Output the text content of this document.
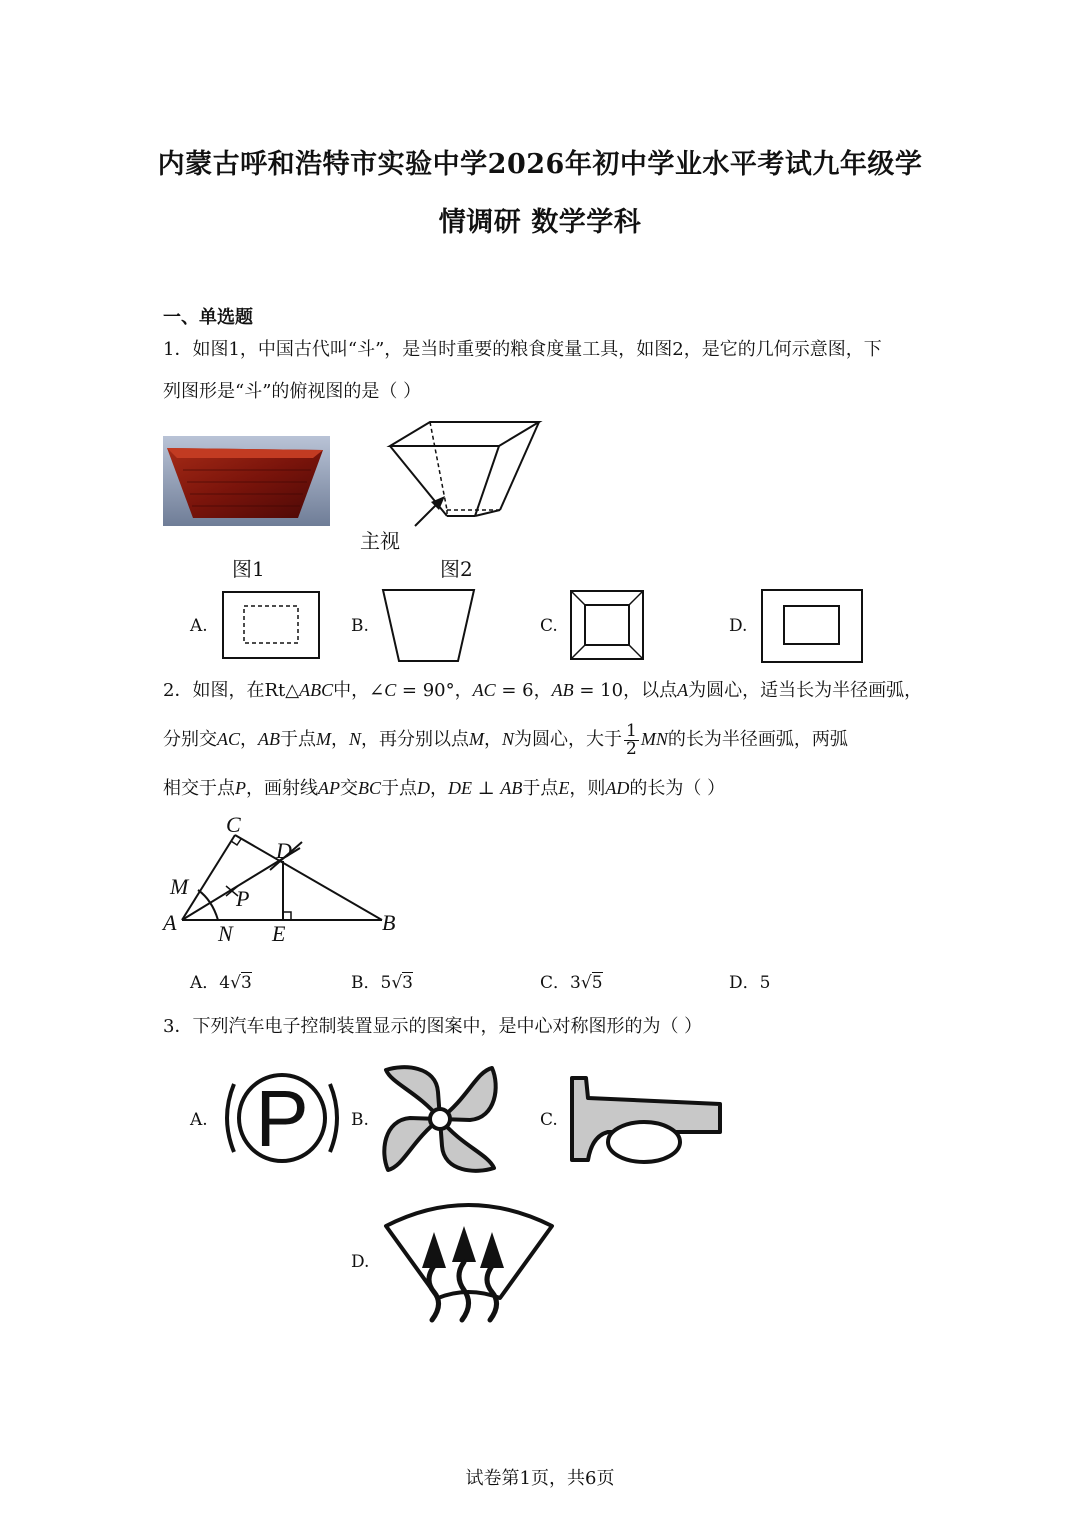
内蒙古呼和浩特市实验中学2026年初中学业水平考试九年级学
情调研 数学学科
一、单选题
1．如图1，中国古代叫“斗”，是当时重要的粮食度量工具，如图2，是它的几何示意图，下
列图形是“斗”的俯视图的是（ ）
主视
图1	图2
A.	B.	C.	D.
2．如图，在Rt△ABC中，∠C = 90°，AC = 6，AB = 10，以点A为圆心，适当长为半径画弧，
分别交AC，AB于点M，N，再分别以点M，N为圆心，大于 $\frac{1}{2}$ MN的长为半径画弧，两弧
相交于点P，画射线AP交BC于点D，DE ⊥ AB于点E，则AD的长为（ ）
C
D
M P
A N E	B
A．4√3	B．5√3	C．3√5	D．5
3．下列汽车电子控制装置显示的图案中，是中心对称图形的为（ ）
A. P B.	C.
D.
试卷第1页，共6页
